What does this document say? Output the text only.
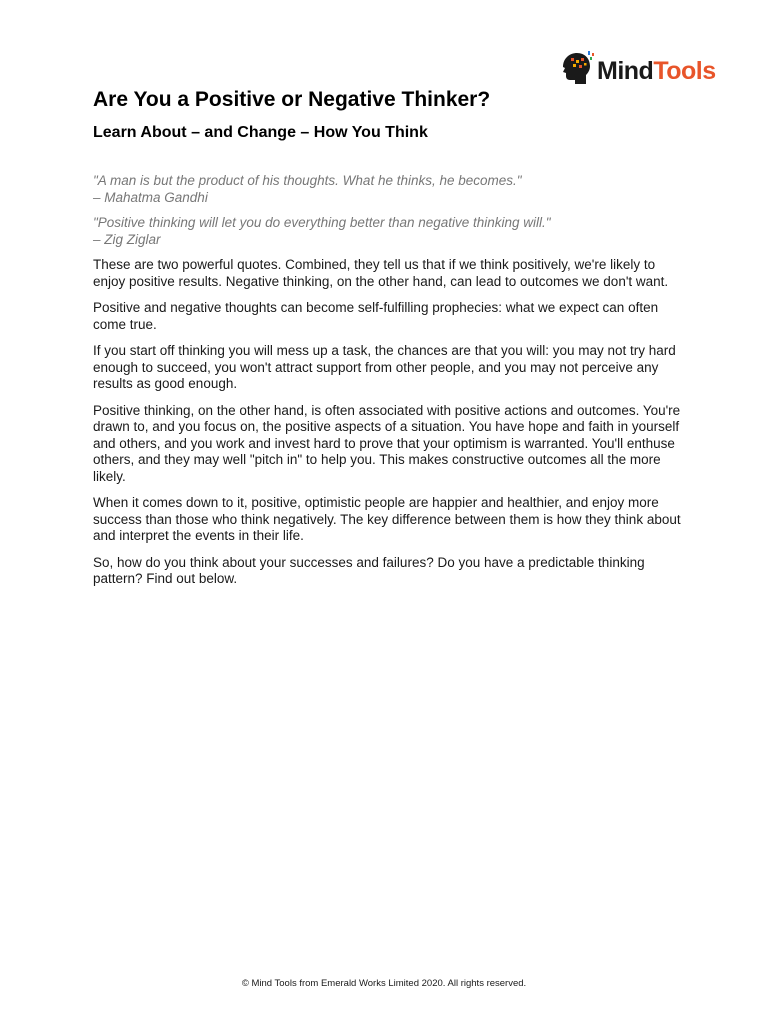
MindTools
Are You a Positive or Negative Thinker?
Learn About – and Change – How You Think

"A man is but the product of his thoughts. What he thinks, he becomes."
– Mahatma Gandhi

"Positive thinking will let you do everything better than negative thinking will."
– Zig Ziglar

These are two powerful quotes. Combined, they tell us that if we think positively, we're likely to enjoy positive results. Negative thinking, on the other hand, can lead to outcomes we don't want.

Positive and negative thoughts can become self-fulfilling prophecies: what we expect can often come true.

If you start off thinking you will mess up a task, the chances are that you will: you may not try hard enough to succeed, you won't attract support from other people, and you may not perceive any results as good enough.

Positive thinking, on the other hand, is often associated with positive actions and outcomes. You're drawn to, and you focus on, the positive aspects of a situation. You have hope and faith in yourself and others, and you work and invest hard to prove that your optimism is warranted. You'll enthuse others, and they may well "pitch in" to help you. This makes constructive outcomes all the more likely.

When it comes down to it, positive, optimistic people are happier and healthier, and enjoy more success than those who think negatively. The key difference between them is how they think about and interpret the events in their life.

So, how do you think about your successes and failures? Do you have a predictable thinking pattern? Find out below.

© Mind Tools from Emerald Works Limited 2020. All rights reserved.
